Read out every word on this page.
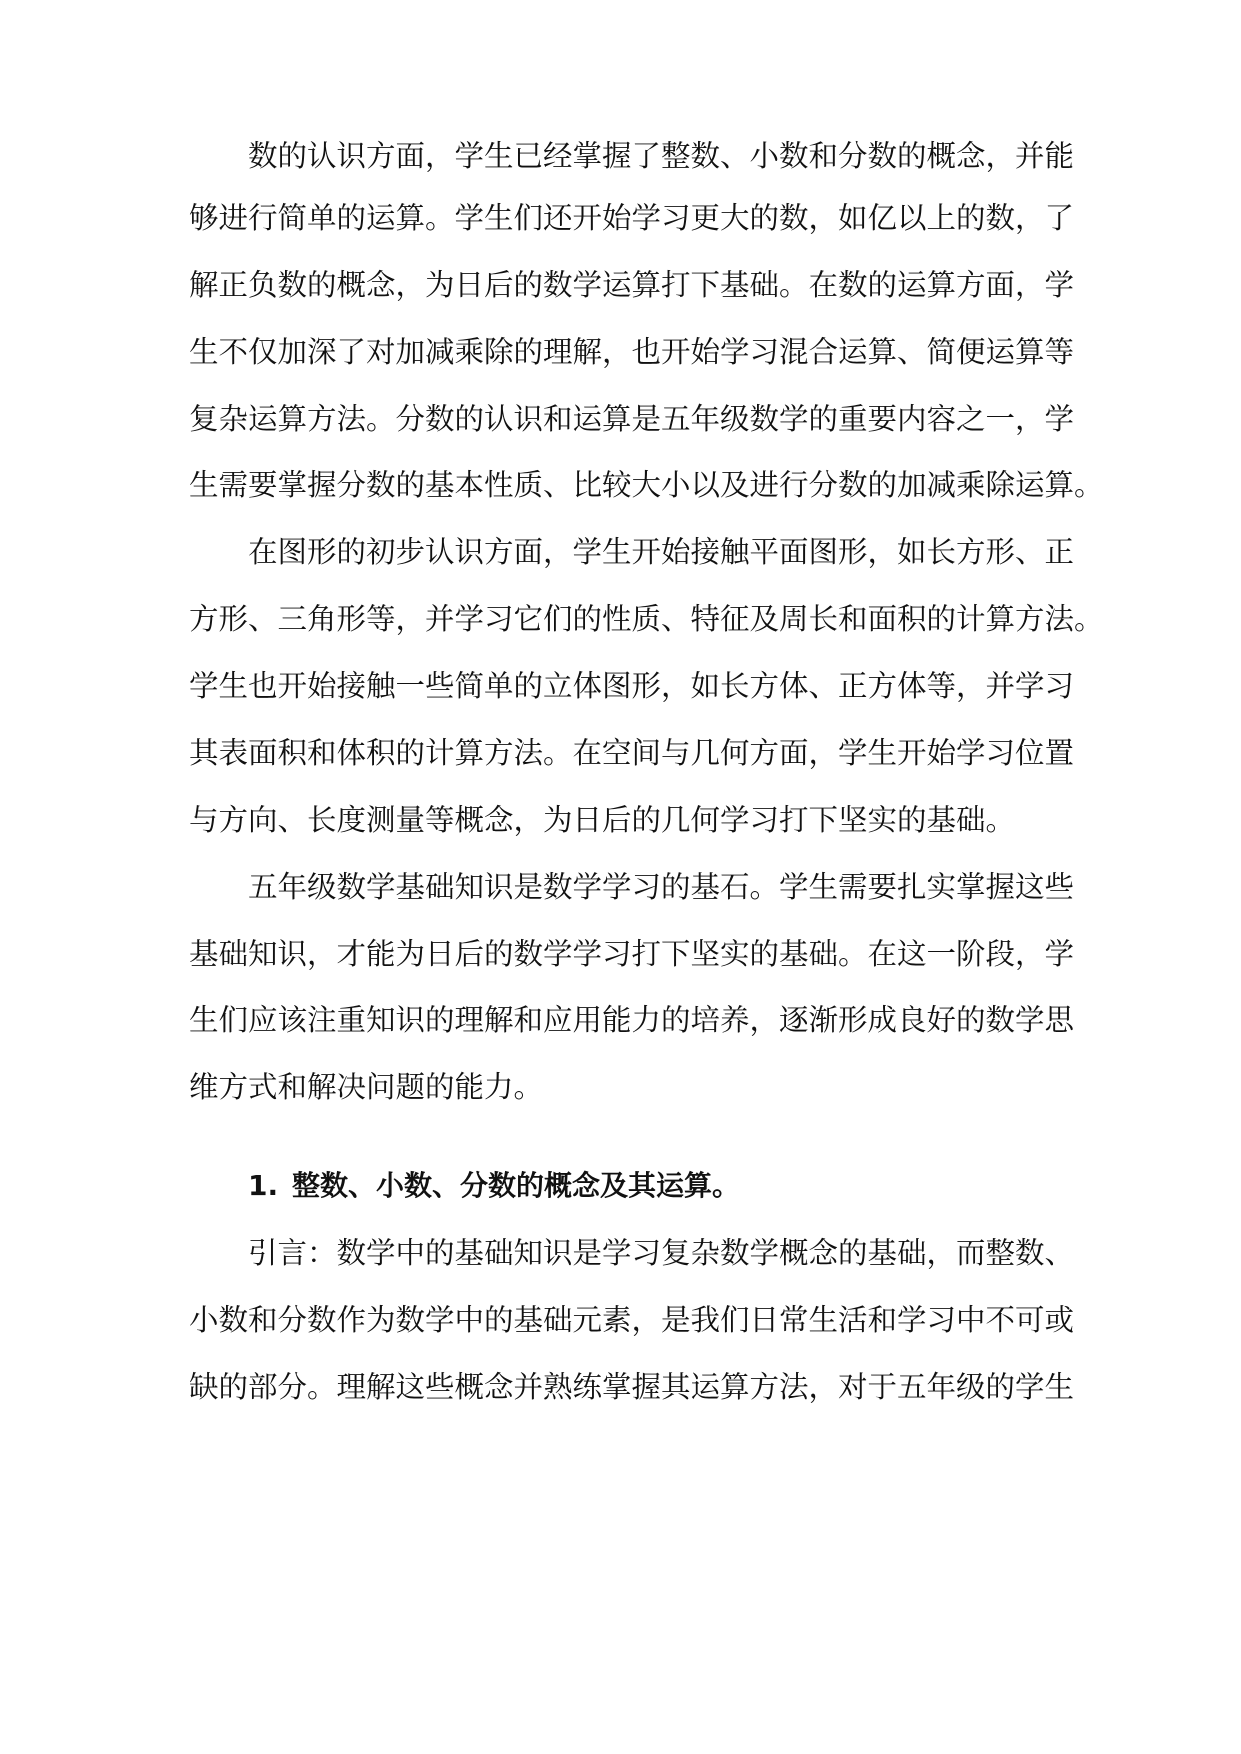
数的认识方面，学生已经掌握了整数、小数和分数的概念，并能
够进行简单的运算。学生们还开始学习更大的数，如亿以上的数，了
解正负数的概念，为日后的数学运算打下基础。在数的运算方面，学
生不仅加深了对加减乘除的理解，也开始学习混合运算、简便运算等
复杂运算方法。分数的认识和运算是五年级数学的重要内容之一，学
生需要掌握分数的基本性质、比较大小以及进行分数的加减乘除运算。
在图形的初步认识方面，学生开始接触平面图形，如长方形、正
方形、三角形等，并学习它们的性质、特征及周长和面积的计算方法。
学生也开始接触一些简单的立体图形，如长方体、正方体等，并学习
其表面积和体积的计算方法。在空间与几何方面，学生开始学习位置
与方向、长度测量等概念，为日后的几何学习打下坚实的基础。
五年级数学基础知识是数学学习的基石。学生需要扎实掌握这些
基础知识，才能为日后的数学学习打下坚实的基础。在这一阶段，学
生们应该注重知识的理解和应用能力的培养，逐渐形成良好的数学思
维方式和解决问题的能力。
1. 整数、小数、分数的概念及其运算。
引言：数学中的基础知识是学习复杂数学概念的基础，而整数、
小数和分数作为数学中的基础元素，是我们日常生活和学习中不可或
缺的部分。理解这些概念并熟练掌握其运算方法，对于五年级的学生
